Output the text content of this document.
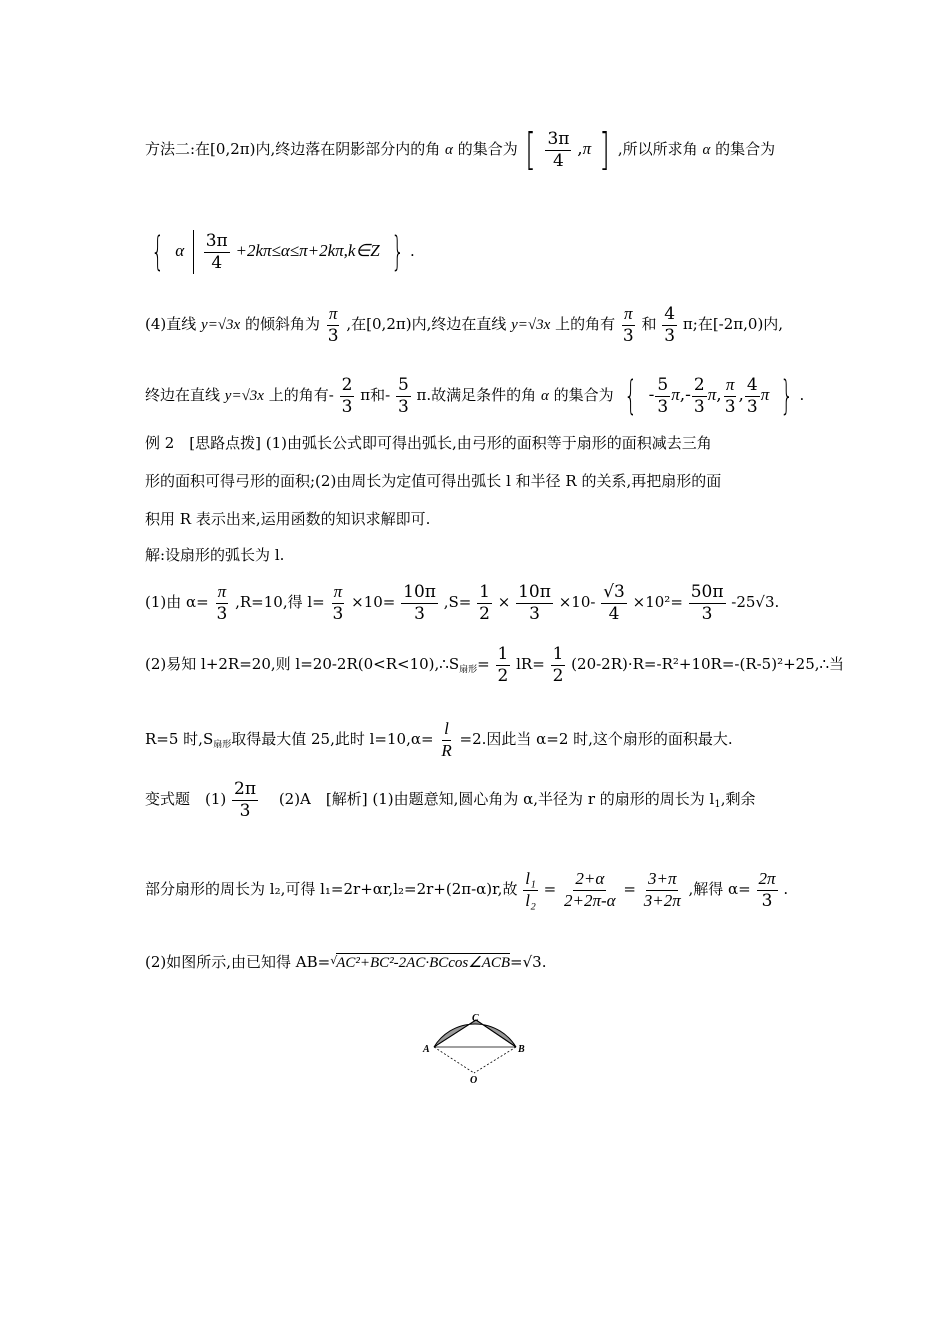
方法二:在[0,2π)内,终边落在阴影部分内的角 α 的集合为 [ $\frac{3\pi}{4} ,\pi$ ] ,所以所求角 α 的集合为
{ α $\frac{3\pi}{4}$ +2kπ≤α≤π+2kπ,k∈Z } .
(4)直线 y=√3x 的倾斜角为 $\frac{\pi}{3}$ ,在[0,2π)内,终边在直线 y=√3x 上的角有 $\frac{\pi}{3}$ 和 $\frac{4}{3} \pi$;在[-2π,0)内,
终边在直线 y=√3x 上的角有- $\frac{2}{3}$ π和- $\frac{5}{3} \pi$.故满足条件的角 α 的集合为 { - $\frac{5}{3} \pi,- \frac{2}{3} \pi$, $\frac{\pi}{3}$ , $\frac{4}{3}$ π } .
例 2　[思路点拨] (1)由弧长公式即可得出弧长,由弓形的面积等于扇形的面积减去三角
形的面积可得弓形的面积;(2)由周长为定值可得出弧长 l 和半径 R 的关系,再把扇形的面
积用 R 表示出来,运用函数的知识求解即可.
解:设扇形的弧长为 l.
(1)由 $\alpha= \frac{\pi}{3} ,R=10$,得 $l= \frac{\pi}{3} \times 10= \frac{10\pi}{3} ,S= \frac{1}{2} \times \frac{10\pi}{3} \times 10- \frac{√3}{4} \times 10^2= \frac{50\pi}{3} -25√3$.
(2)易知 l+2R=20,则 $l=20-2R(0<R<10),\therefore S_{扇形}= \frac{1}{2} lR= \frac{1}{2}$ (20-2R)·R=-R²+10R=-(R-5)²+25,∴当
R=5 时$,S_{扇形}$取得最大值 25,此时 $l=10,\alpha= \frac{l}{R} =2$.因此当 α=2 时,这个扇形的面积最大.
变式题　$(1) \frac{2\pi}{3}$ 　(2)A　[解析] (1)由题意知,圆心角为 α,半径为 r 的扇形的周长为 $l_1$,剩余
部分扇形的周长为 l₂,可得 l₁=2r+αr,l₂=2r+(2π-α)r,故 $\frac{\text{l₁}}{\text{l₂}} = \frac{2+\alpha}{2+2\pi-\alpha} = \frac{3+\pi}{3+2\pi}$ ,解得 $\alpha= \frac{2\pi}{3}$ .
(2)如图所示,由已知得 AB=√AC²+BC²-2AC·BCcos∠ACB=√3.
A	B
C
O
